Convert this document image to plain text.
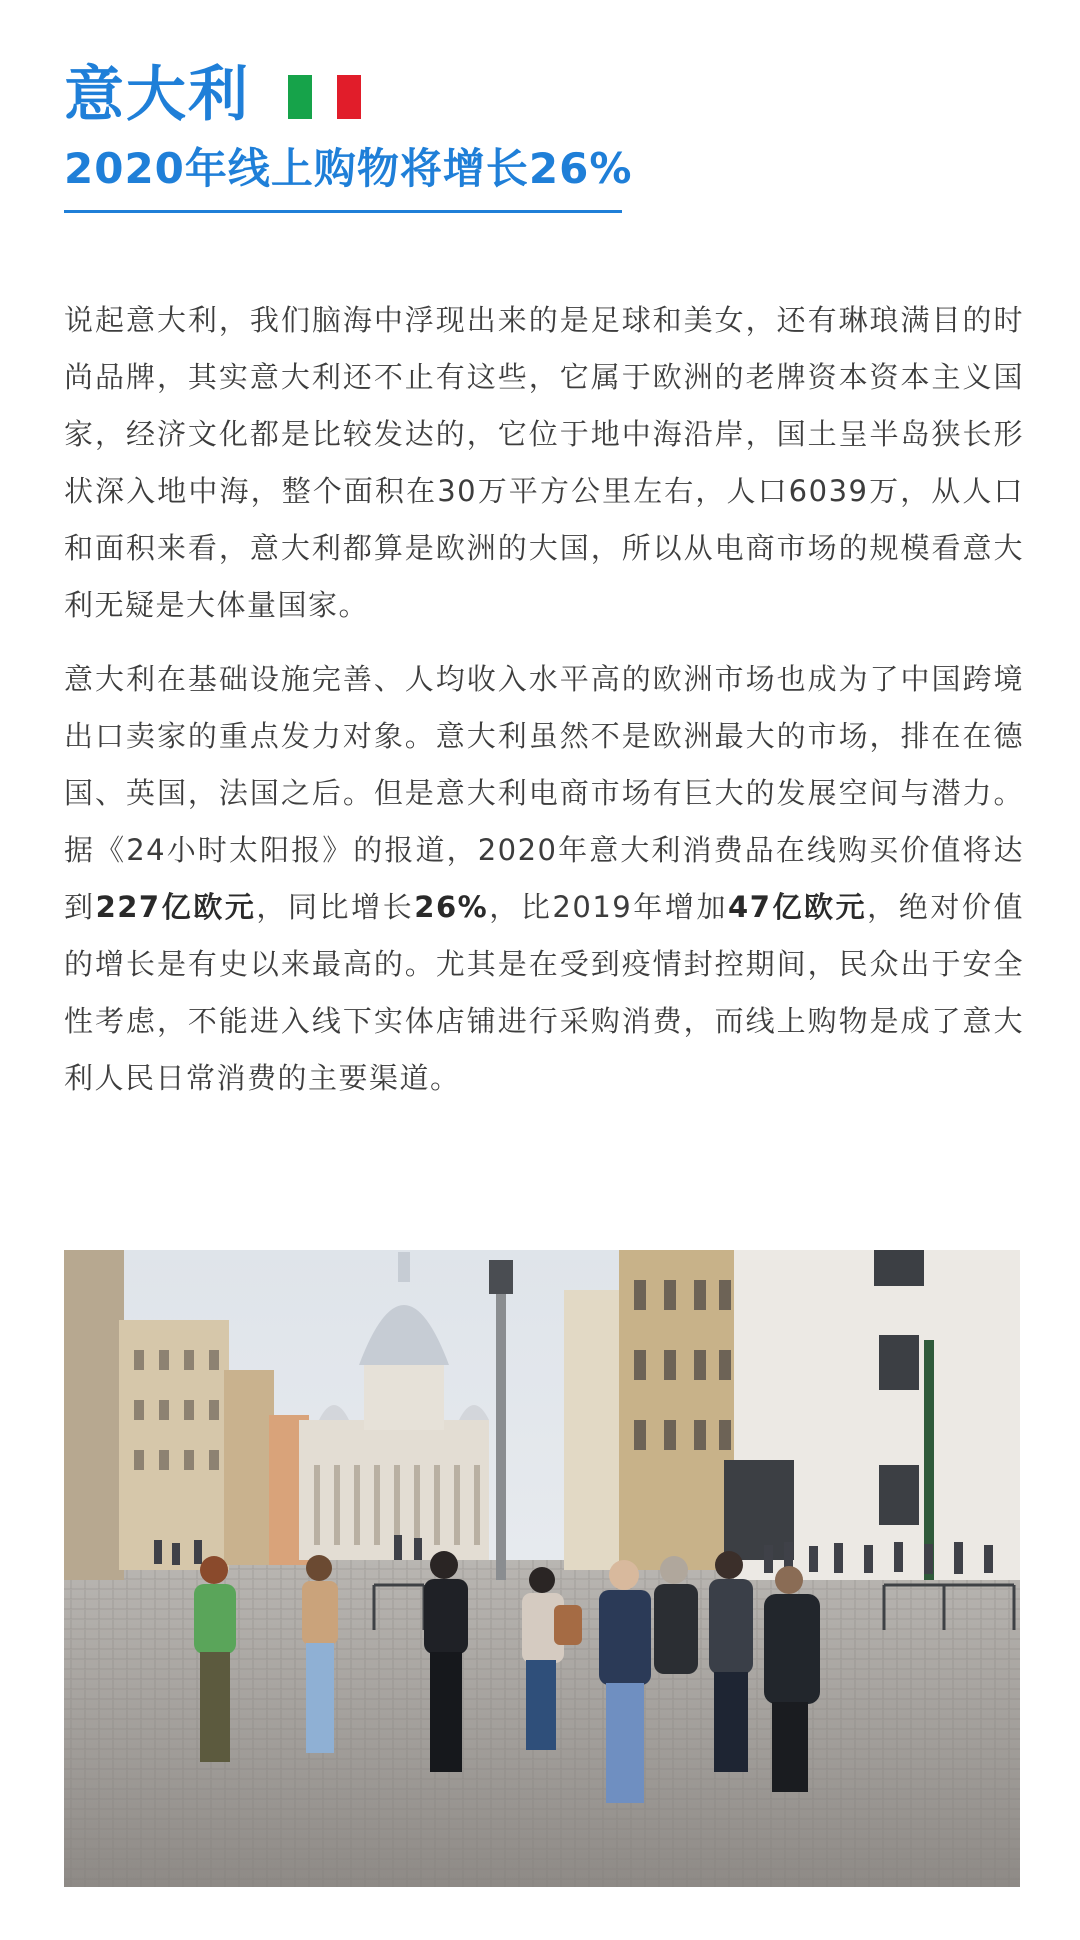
意大利
2020年线上购物将增长26%

说起意大利，我们脑海中浮现出来的是足球和美女，还有琳琅满目的时尚品牌，其实意大利还不止有这些，它属于欧洲的老牌资本资本主义国家，经济文化都是比较发达的，它位于地中海沿岸，国土呈半岛狭长形状深入地中海，整个面积在30万平方公里左右，人口6039万，从人口和面积来看，意大利都算是欧洲的大国，所以从电商市场的规模看意大利无疑是大体量国家。

意大利在基础设施完善、人均收入水平高的欧洲市场也成为了中国跨境出口卖家的重点发力对象。意大利虽然不是欧洲最大的市场，排在在德国、英国，法国之后。但是意大利电商市场有巨大的发展空间与潜力。据《24小时太阳报》的报道，2020年意大利消费品在线购买价值将达到227亿欧元，同比增长26%，比2019年增加47亿欧元，绝对价值的增长是有史以来最高的。尤其是在受到疫情封控期间，民众出于安全性考虑，不能进入线下实体店铺进行采购消费，而线上购物是成了意大利人民日常消费的主要渠道。
